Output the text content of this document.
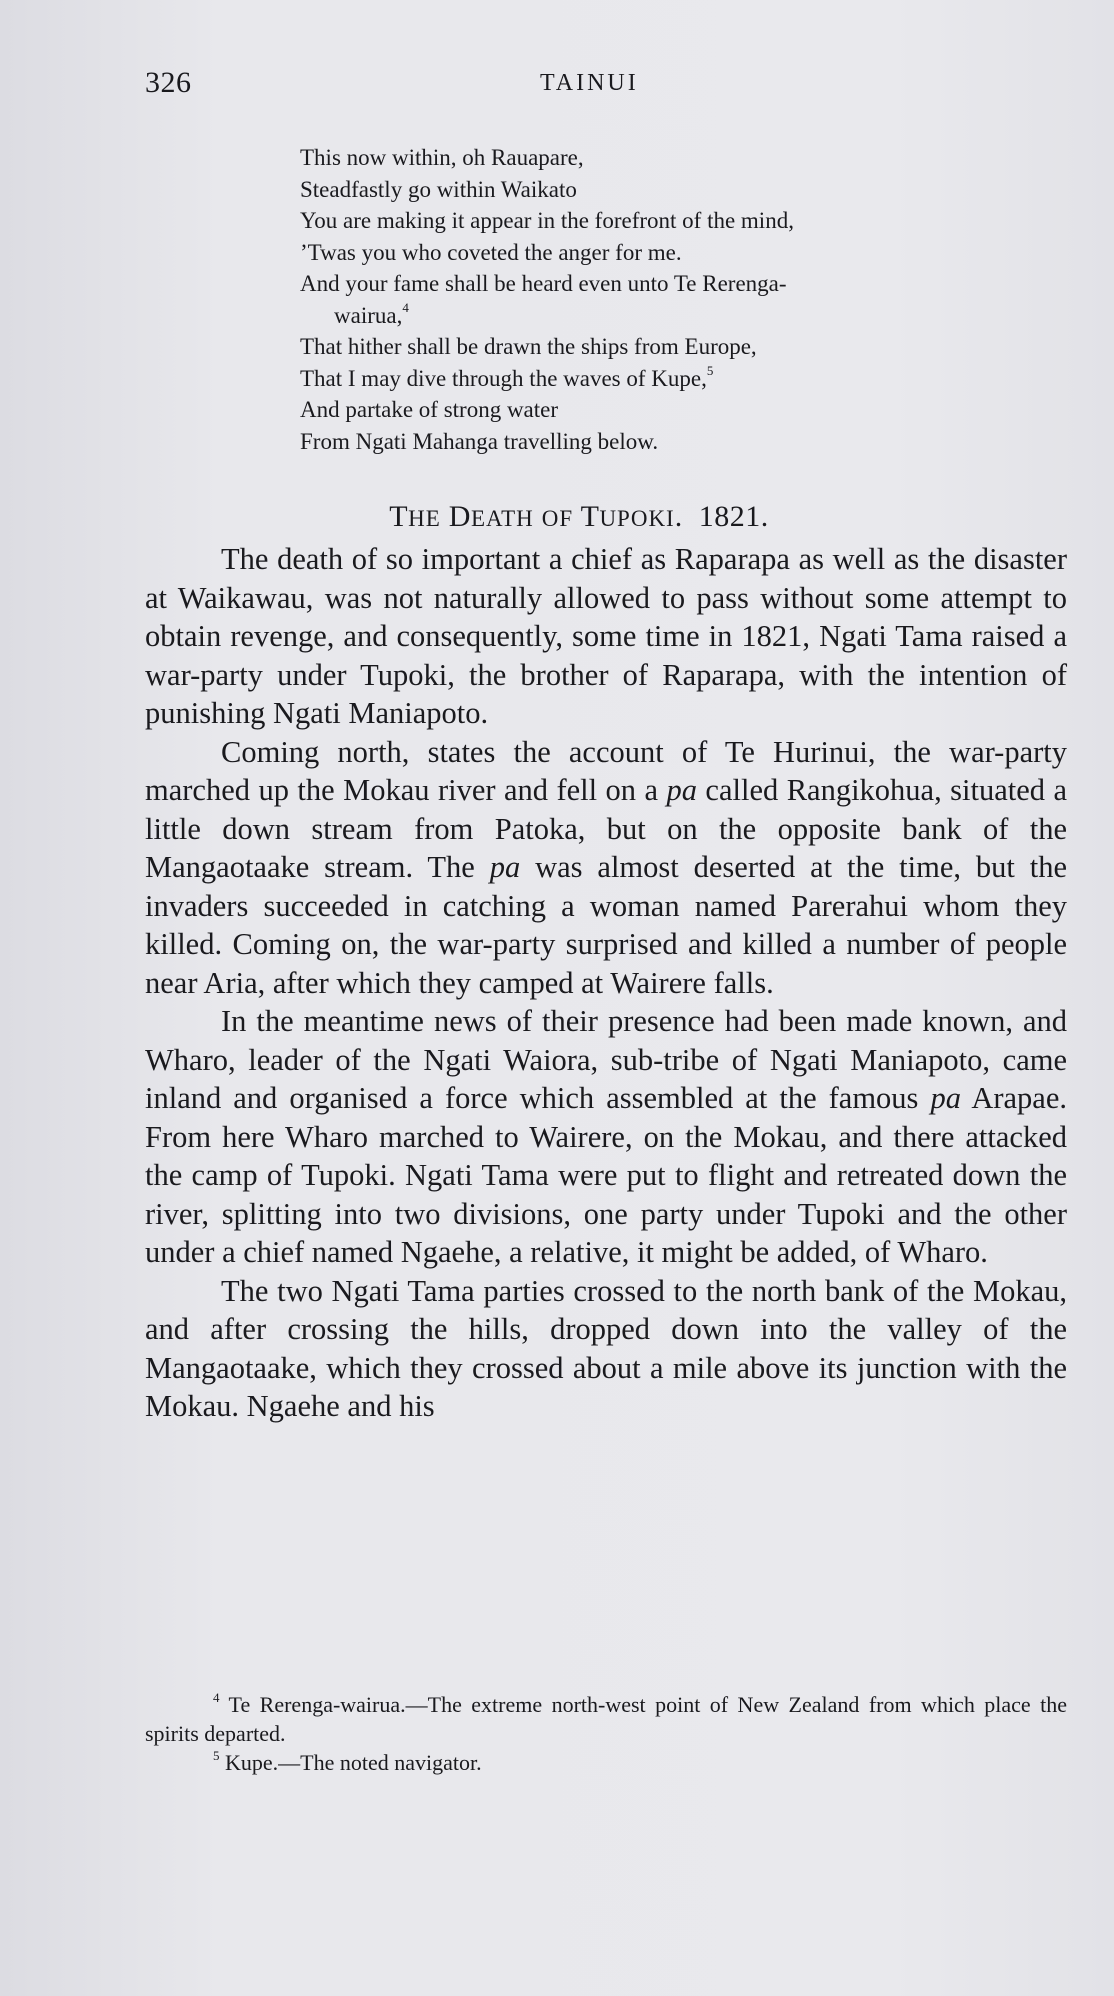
326	TAINUI
This now within, oh Rauapare,
Steadfastly go within Waikato
You are making it appear in the forefront of the mind,
’Twas you who coveted the anger for me.
And your fame shall be heard even unto Te Rerenga-
wairua,$^4$
That hither shall be drawn the ships from Europe,
That I may dive through the waves of Kupe,$^5$
And partake of strong water
From Ngati Mahanga travelling below.
THE DEATH OF TUPOKI.  1821.

The death of so important a chief as Raparapa as well as the disaster at Waikawau, was not naturally allowed to pass without some attempt to obtain revenge, and consequently, some time in 1821, Ngati Tama raised a war-party under Tupoki, the brother of Raparapa, with the intention of punishing Ngati Maniapoto.

Coming north, states the account of Te Hurinui, the war-party marched up the Mokau river and fell on a pa called Rangikohua, situated a little down stream from Patoka, but on the opposite bank of the Mangaotaake stream. The pa was almost deserted at the time, but the invaders succeeded in catching a woman named Parerahui whom they killed. Coming on, the war-party surprised and killed a number of people near Aria, after which they camped at Wairere falls.

In the meantime news of their presence had been made known, and Wharo, leader of the Ngati Waiora, sub-tribe of Ngati Maniapoto, came inland and organised a force which assembled at the famous pa Arapae. From here Wharo marched to Wairere, on the Mokau, and there attacked the camp of Tupoki. Ngati Tama were put to flight and retreated down the river, splitting into two divisions, one party under Tupoki and the other under a chief named Ngaehe, a relative, it might be added, of Wharo.

The two Ngati Tama parties crossed to the north bank of the Mokau, and after crossing the hills, dropped down into the valley of the Mangaotaake, which they crossed about a mile above its junction with the Mokau. Ngaehe and his

$^4$ Te Rerenga-wairua.—The extreme north-west point of New Zealand from which place the spirits departed.

$^5$ Kupe.—The noted navigator.
